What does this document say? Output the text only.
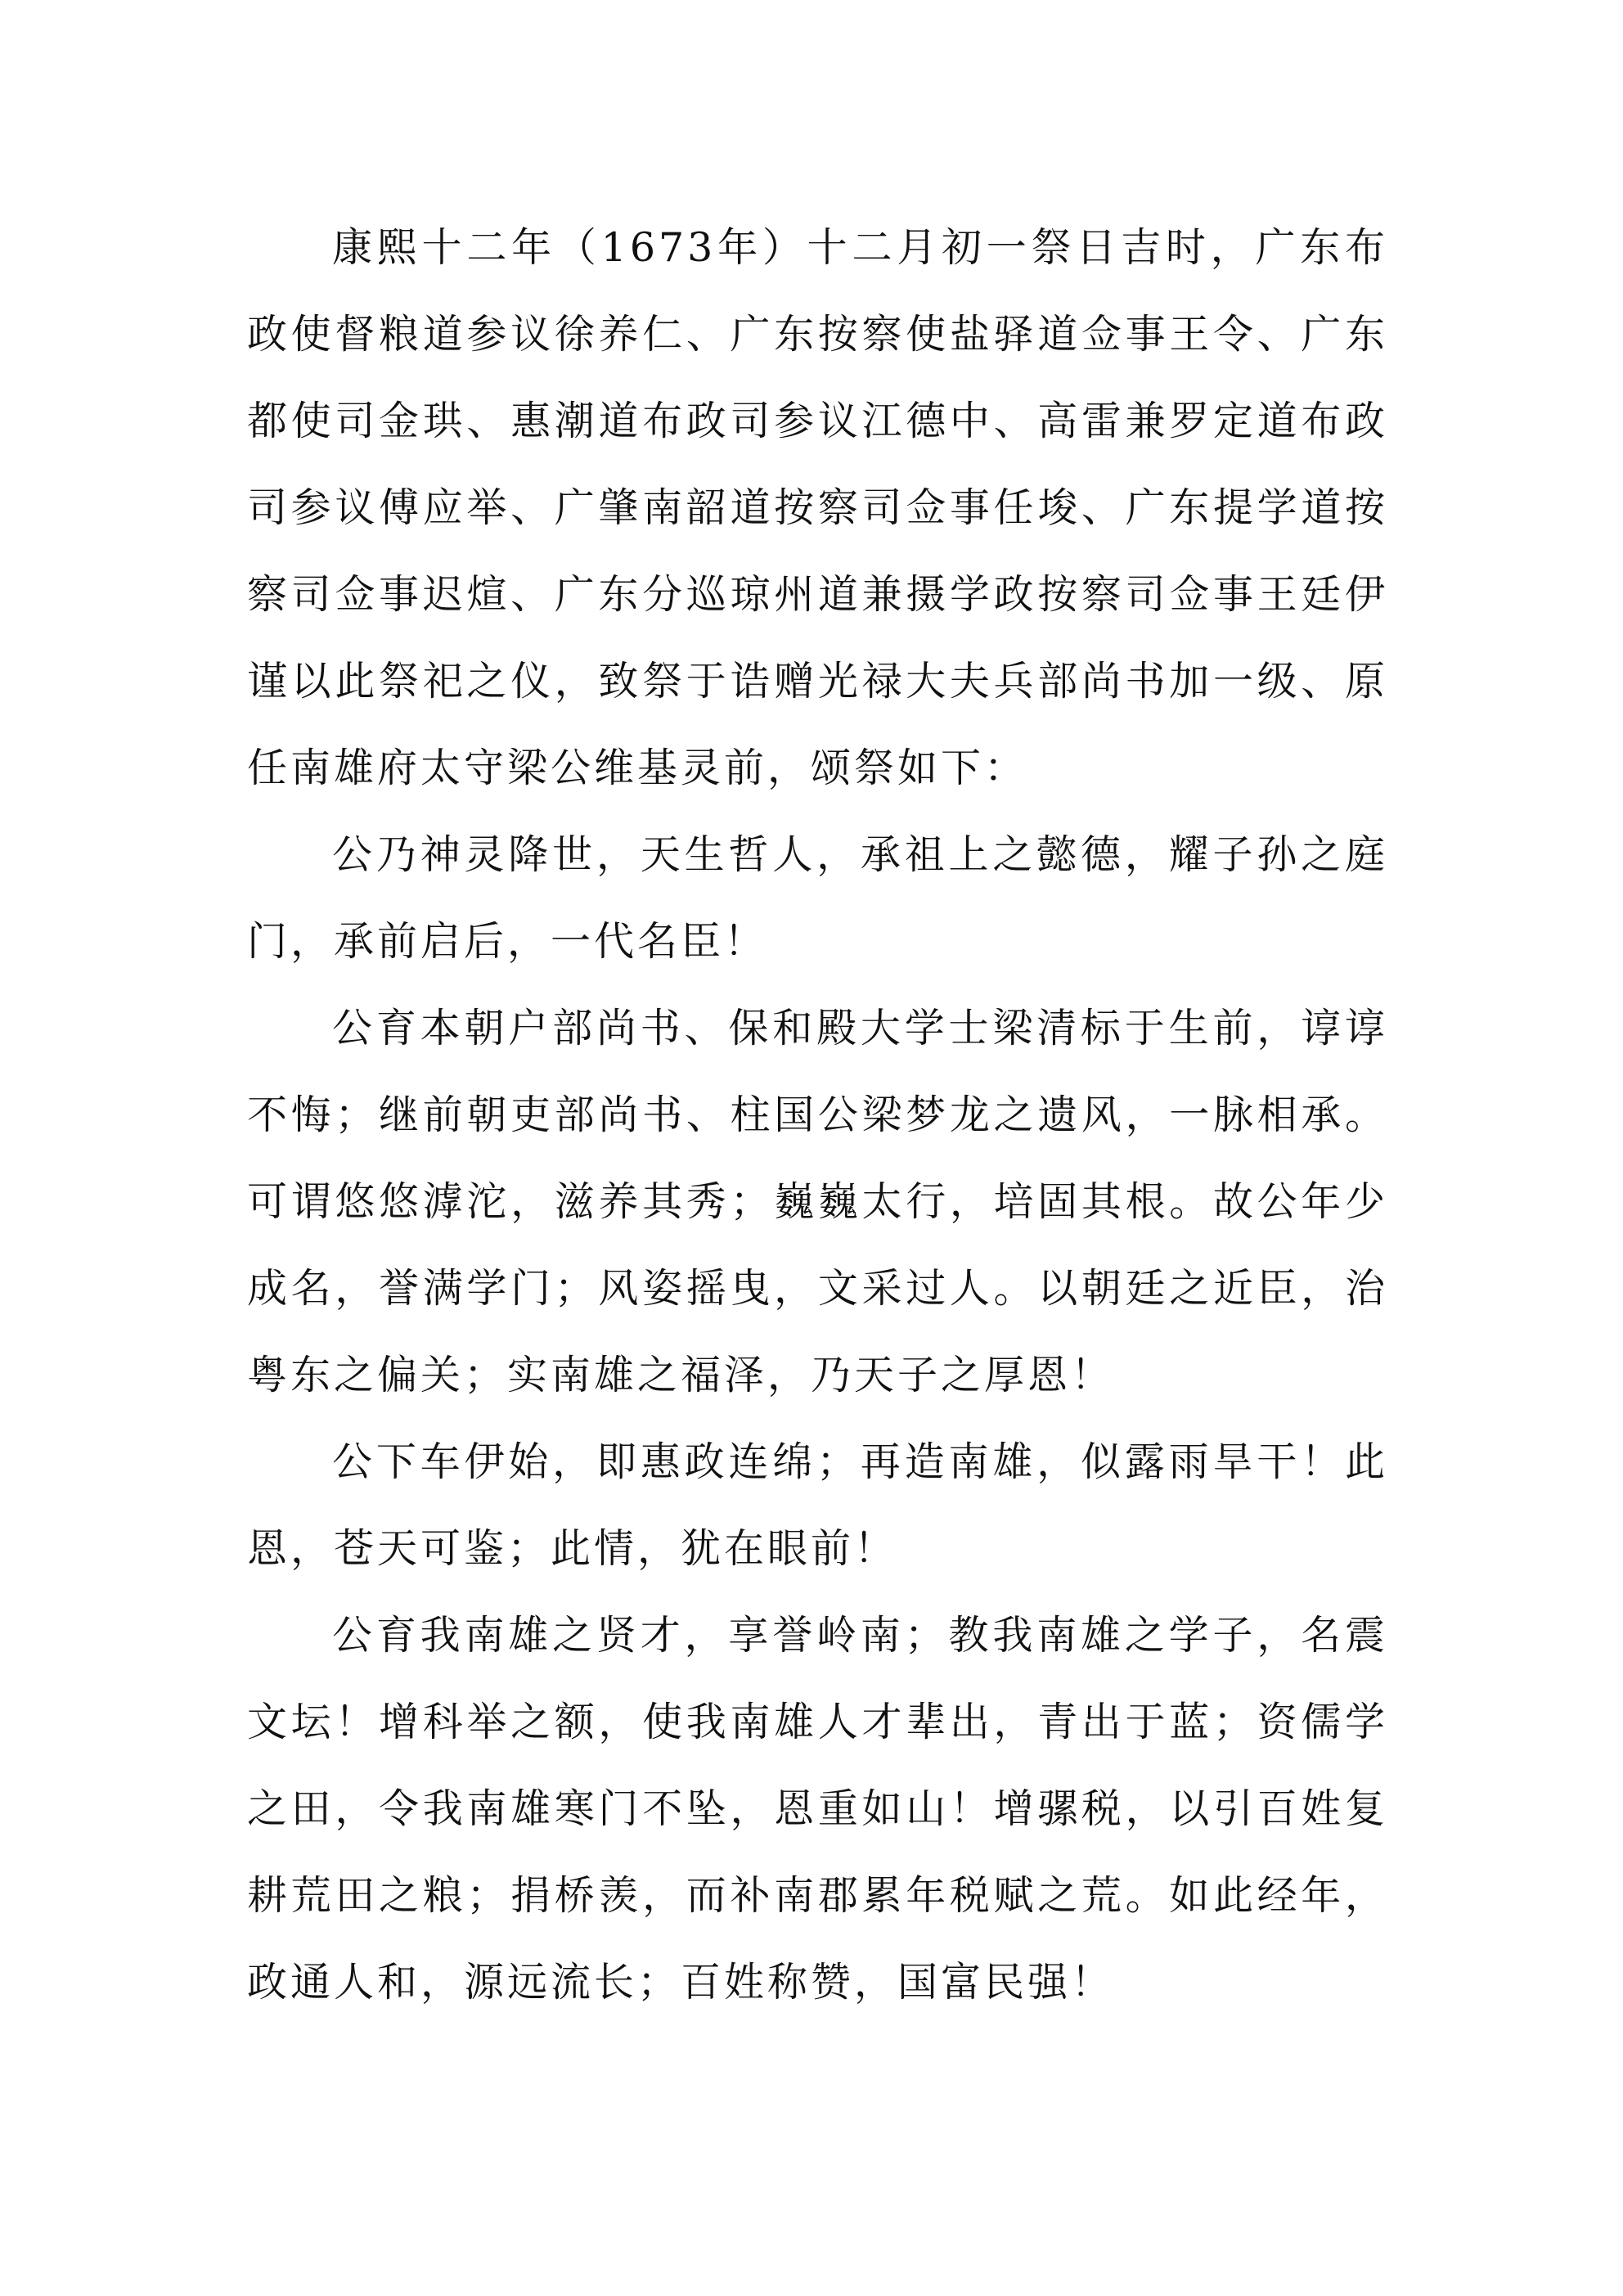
康熙十二年（1673年）十二月初一祭日吉时，广东布政使督粮道参议徐养仁、广东按察使盐驿道佥事王令、广东都使司金珙、惠潮道布政司参议江德中、高雷兼罗定道布政司参议傅应举、广肇南韶道按察司佥事任埈、广东提学道按察司佥事迟煊、广东分巡琼州道兼摄学政按察司佥事王廷伊谨以此祭祀之仪，致祭于诰赠光禄大夫兵部尚书加一级、原任南雄府太守梁公维基灵前，颂祭如下：

公乃神灵降世，天生哲人，承祖上之懿德，耀子孙之庭门，承前启后，一代名臣！

公育本朝户部尚书、保和殿大学士梁清标于生前，谆谆不悔；继前朝吏部尚书、柱国公梁梦龙之遗风，一脉相承。可谓悠悠滹沱，滋养其秀；巍巍太行，培固其根。故公年少成名，誉满学门；风姿摇曳，文采过人。以朝廷之近臣，治粤东之偏关；实南雄之福泽，乃天子之厚恩！

公下车伊始，即惠政连绵；再造南雄，似露雨旱干！此恩，苍天可鉴；此情，犹在眼前！

公育我南雄之贤才，享誉岭南；教我南雄之学子，名震文坛！增科举之额，使我南雄人才辈出，青出于蓝；资儒学之田，令我南雄寒门不坠，恩重如山！增骡税，以引百姓复耕荒田之粮；捐桥羡，而补南郡累年税赋之荒。如此经年，政通人和，源远流长；百姓称赞，国富民强！
